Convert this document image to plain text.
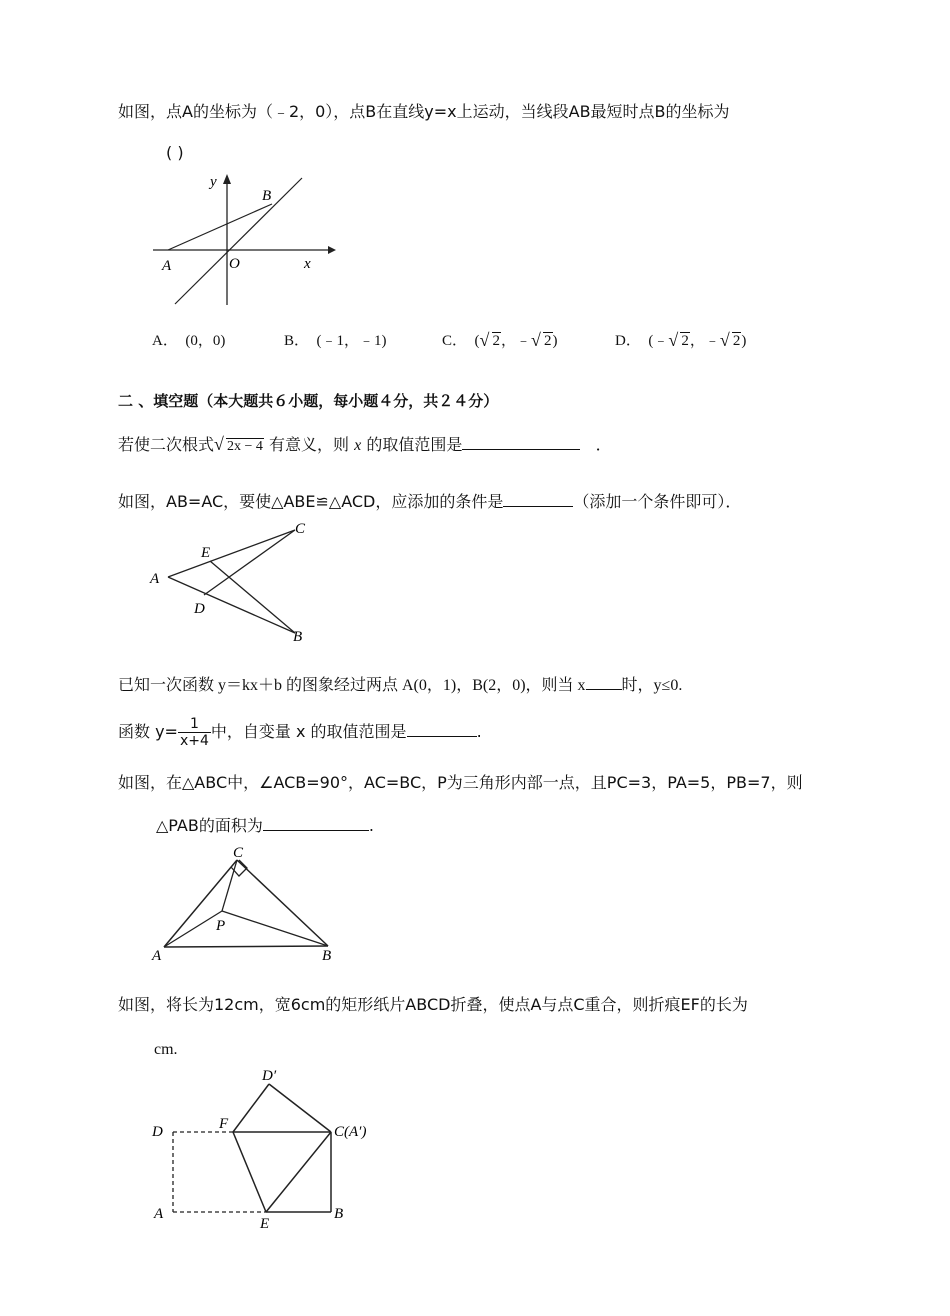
如图，点A的坐标为（﹣2，0），点B在直线y=x上运动，当线段AB最短时点B的坐标为
( )
y
B
A	O	x
A． (0，0)	B． (﹣1，﹣1)	C． ( √ 2，﹣ √ 2)	D． (﹣ √ 2，﹣ √ 2)
二 、填空题（本大题共６小题，每小题４分，共２４分）
若使二次根式 √ 2x − 4 有意义，则 x 的取值范围是	．
如图，AB=AC，要使△ABE≌△ACD，应添加的条件是	（添加一个条件即可）．
C
E
A
D
B
已知一次函数 y＝kx＋b 的图象经过两点 A(0，1)，B(2，0)，则当 x 时，y≤0.
函数 $y= \frac{1}{x+4}$ 中，自变量 x 的取值范围是	.
如图，在△ABC中，∠ACB=90°，AC=BC，P为三角形内部一点，且PC=3，PA=5，PB=7，则
△PAB的面积为	.
C
P
A	B
如图，将长为12cm，宽6cm的矩形纸片ABCD折叠，使点A与点C重合，则折痕EF的长为
cm.
D′
D	F	C(A′)
A
E
B
